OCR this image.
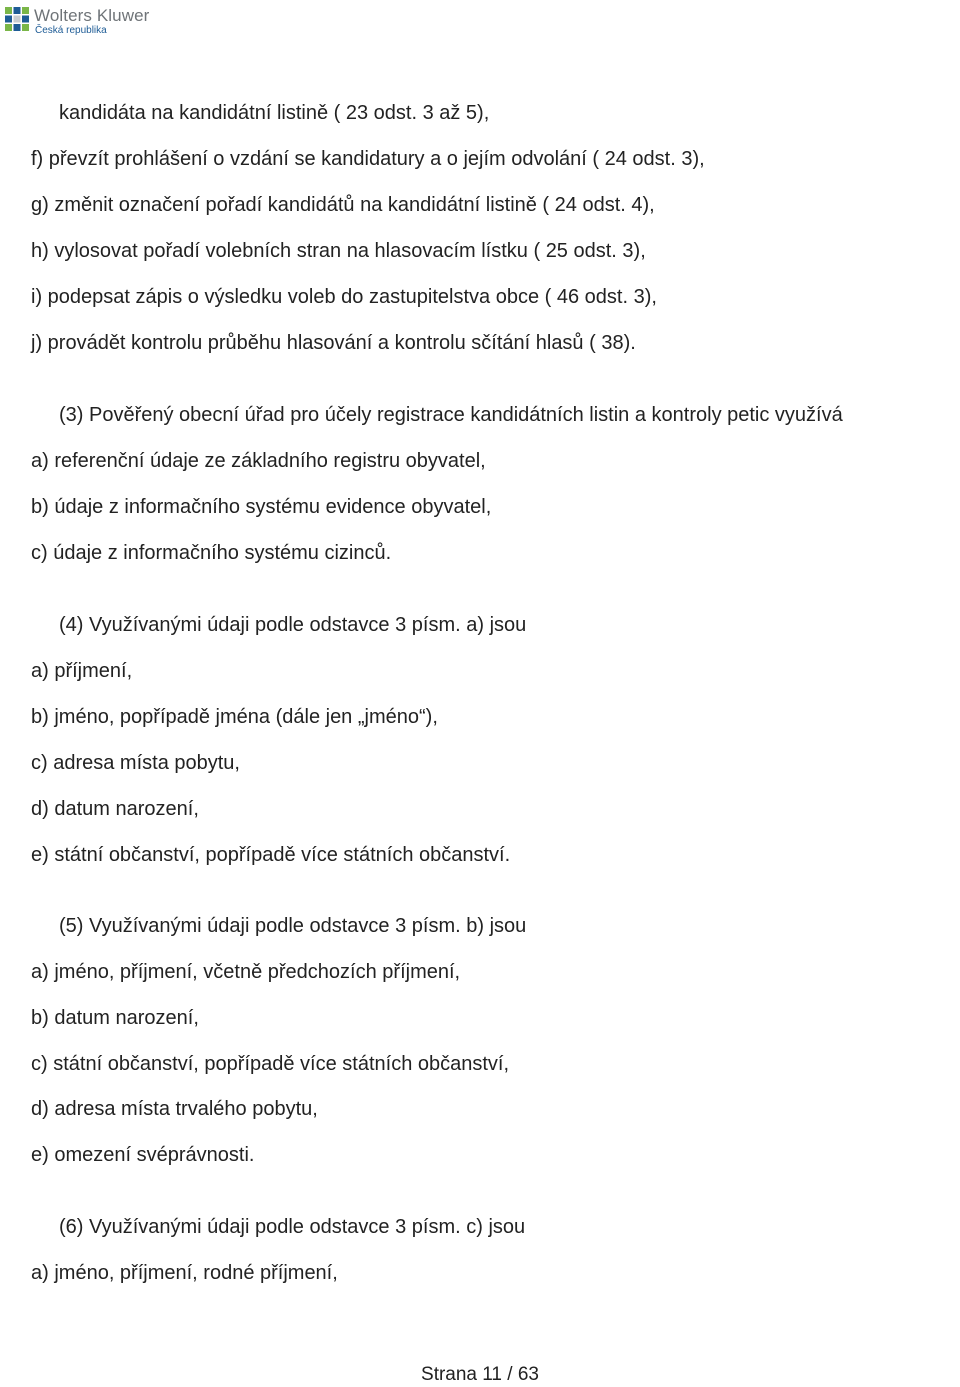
Wolters Kluwer
Česká republika
kandidáta na kandidátní listině ( 23 odst. 3 až 5),
f) převzít prohlášení o vzdání se kandidatury a o jejím odvolání ( 24 odst. 3),
g) změnit označení pořadí kandidátů na kandidátní listině ( 24 odst. 4),
h) vylosovat pořadí volebních stran na hlasovacím lístku ( 25 odst. 3),
i) podepsat zápis o výsledku voleb do zastupitelstva obce ( 46 odst. 3),
j) provádět kontrolu průběhu hlasování a kontrolu sčítání hlasů ( 38).
(3) Pověřený obecní úřad pro účely registrace kandidátních listin a kontroly petic využívá
a) referenční údaje ze základního registru obyvatel,
b) údaje z informačního systému evidence obyvatel,
c) údaje z informačního systému cizinců.
(4) Využívanými údaji podle odstavce 3 písm. a) jsou
a) příjmení,
b) jméno, popřípadě jména (dále jen „jméno“),
c) adresa místa pobytu,
d) datum narození,
e) státní občanství, popřípadě více státních občanství.
(5) Využívanými údaji podle odstavce 3 písm. b) jsou
a) jméno, příjmení, včetně předchozích příjmení,
b) datum narození,
c) státní občanství, popřípadě více státních občanství,
d) adresa místa trvalého pobytu,
e) omezení svéprávnosti.
(6) Využívanými údaji podle odstavce 3 písm. c) jsou
a) jméno, příjmení, rodné příjmení,
Strana 11 / 63
